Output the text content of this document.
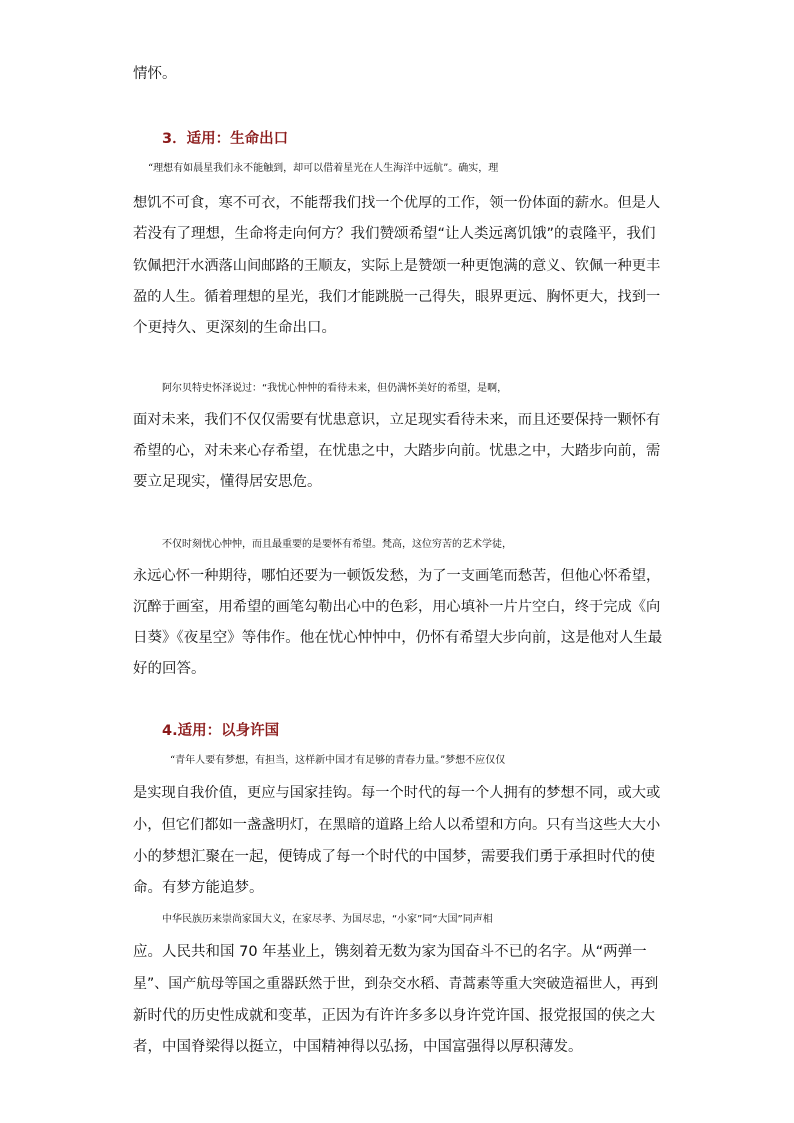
情怀。

3．适用：生命出口

“理想有如晨星我们永不能触到，却可以借着星光在人生海洋中远航”。确实，理

想饥不可食，寒不可衣，不能帮我们找一个优厚的工作，领一份体面的薪水。但是人

若没有了理想，生命将走向何方？我们赞颂希望“让人类远离饥饿”的袁隆平，我们

钦佩把汗水洒落山间邮路的王顺友，实际上是赞颂一种更饱满的意义、钦佩一种更丰

盈的人生。循着理想的星光，我们才能跳脱一己得失，眼界更远、胸怀更大，找到一

个更持久、更深刻的生命出口。

阿尔贝特史怀泽说过：“我忧心忡忡的看待未来，但仍满怀美好的希望，是啊，

面对未来，我们不仅仅需要有忧患意识，立足现实看待未来，而且还要保持一颗怀有

希望的心，对未来心存希望，在忧患之中，大踏步向前。忧患之中，大踏步向前，需

要立足现实，懂得居安思危。

不仅时刻忧心忡忡，而且最重要的是要怀有希望。梵高，这位穷苦的艺术学徒，

永远心怀一种期待，哪怕还要为一顿饭发愁，为了一支画笔而愁苦，但他心怀希望，

沉醉于画室，用希望的画笔勾勒出心中的色彩，用心填补一片片空白，终于完成《向

日葵》《夜星空》等伟作。他在忧心忡忡中，仍怀有希望大步向前，这是他对人生最

好的回答。

4.适用：以身许国

“青年人要有梦想，有担当，这样新中国才有足够的青春力量。”梦想不应仅仅

是实现自我价值，更应与国家挂钩。每一个时代的每一个人拥有的梦想不同，或大或

小，但它们都如一盏盏明灯，在黑暗的道路上给人以希望和方向。只有当这些大大小

小的梦想汇聚在一起，便铸成了每一个时代的中国梦，需要我们勇于承担时代的使

命。有梦方能追梦。

中华民族历来崇尚家国大义，在家尽孝、为国尽忠，“小家”同“大国”同声相

应。人民共和国 70 年基业上，镌刻着无数为家为国奋斗不已的名字。从“两弹一

星”、国产航母等国之重器跃然于世，到杂交水稻、青蒿素等重大突破造福世人，再到

新时代的历史性成就和变革，正因为有许许多多以身许党许国、报党报国的侠之大

者，中国脊梁得以挺立，中国精神得以弘扬，中国富强得以厚积薄发。
